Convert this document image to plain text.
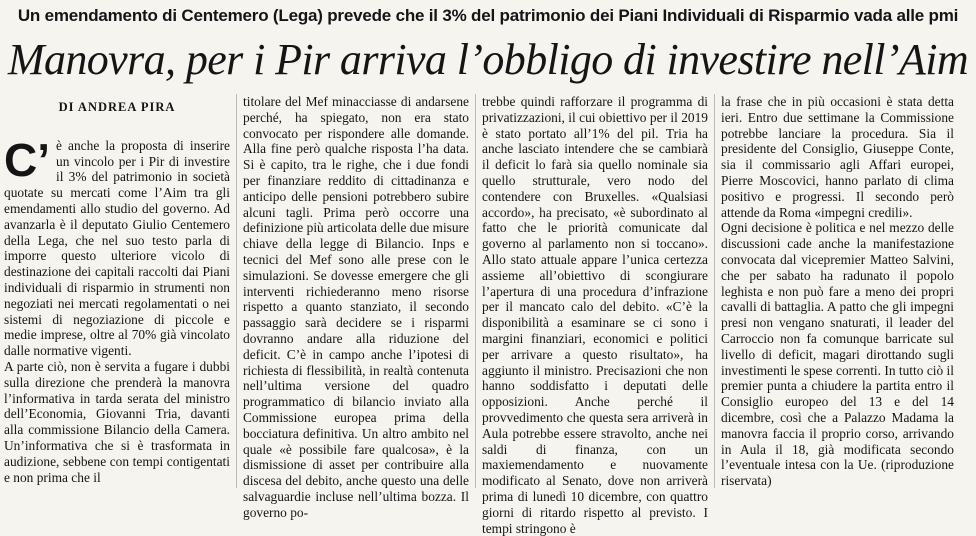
Un emendamento di Centemero (Lega) prevede che il 3% del patrimonio dei Piani Individuali di Risparmio vada alle pmi
Manovra, per i Pir arriva l’obbligo di investire nell’Aim
DI ANDREA PIRA
C’ è anche la proposta di inserire un vincolo per i Pir di investire il 3% del patrimonio in società quotate su mercati come l’Aim tra gli emendamenti allo studio del governo. Ad avanzarla è il deputato Giulio Centemero della Lega, che nel suo testo parla di imporre questo ulteriore vicolo di destinazione dei capitali raccolti dai Piani individuali di risparmio in strumenti non negoziati nei mercati regolamentati o nei sistemi di negoziazione di piccole e medie imprese, oltre al 70% già vincolato dalle normative vigenti.

A parte ciò, non è servita a fugare i dubbi sulla direzione che prenderà la manovra l’informativa in tarda serata del ministro dell’Economia, Giovanni Tria, davanti alla commissione Bilancio della Camera. Un’informativa che si è trasformata in audizione, sebbene con tempi contigentati e non prima che il

titolare del Mef minacciasse di andarsene perché, ha spiegato, non era stato convocato per rispondere alle domande. Alla fine però qualche risposta l’ha data. Si è capito, tra le righe, che i due fondi per finanziare reddito di cittadinanza e anticipo delle pensioni potrebbero subire alcuni tagli. Prima però occorre una definizione più articolata delle due misure chiave della legge di Bilancio. Inps e tecnici del Mef sono alle prese con le simulazioni. Se dovesse emergere che gli interventi richiederanno meno risorse rispetto a quanto stanziato, il secondo passaggio sarà decidere se i risparmi dovranno andare alla riduzione del deficit. C’è in campo anche l’ipotesi di richiesta di flessibilità, in realtà contenuta nell’ultima versione del quadro programmatico di bilancio inviato alla Commissione europea prima della bocciatura definitiva. Un altro ambito nel quale «è possibile fare qualcosa», è la dismissione di asset per contribuire alla discesa del debito, anche questo una delle salvaguardie incluse nell’ultima bozza. Il governo po-

trebbe quindi rafforzare il programma di privatizzazioni, il cui obiettivo per il 2019 è stato portato all’1% del pil. Tria ha anche lasciato intendere che se cambiarà il deficit lo farà sia quello nominale sia quello strutturale, vero nodo del contendere con Bruxelles. «Qualsiasi accordo», ha precisato, «è subordinato al fatto che le priorità comunicate dal governo al parlamento non si toccano». Allo stato attuale appare l’unica certezza assieme all’obiettivo di scongiurare l’apertura di una procedura d’infrazione per il mancato calo del debito. «C’è la disponibilità a esaminare se ci sono i margini finanziari, economici e politici per arrivare a questo risultato», ha aggiunto il ministro. Precisazioni che non hanno soddisfatto i deputati delle opposizioni. Anche perché il provvedimento che questa sera arriverà in Aula potrebbe essere stravolto, anche nei saldi di finanza, con un maxiemendamento e nuovamente modificato al Senato, dove non arriverà prima di lunedì 10 dicembre, con quattro giorni di ritardo rispetto al previsto. I tempi stringono è

la frase che in più occasioni è stata detta ieri. Entro due settimane la Commissione potrebbe lanciare la procedura. Sia il presidente del Consiglio, Giuseppe Conte, sia il commissario agli Affari europei, Pierre Moscovici, hanno parlato di clima positivo e progressi. Il secondo però attende da Roma «impegni credili».

Ogni decisione è politica e nel mezzo delle discussioni cade anche la manifestazione convocata dal vicepremier Matteo Salvini, che per sabato ha radunato il popolo leghista e non può fare a meno dei propri cavalli di battaglia. A patto che gli impegni presi non vengano snaturati, il leader del Carroccio non fa comunque barricate sul livello di deficit, magari dirottando sugli investimenti le spese correnti. In tutto ciò il premier punta a chiudere la partita entro il Consiglio europeo del 13 e del 14 dicembre, così che a Palazzo Madama la manovra faccia il proprio corso, arrivando in Aula il 18, già modificata secondo l’eventuale intesa con la Ue. (riproduzione riservata)
